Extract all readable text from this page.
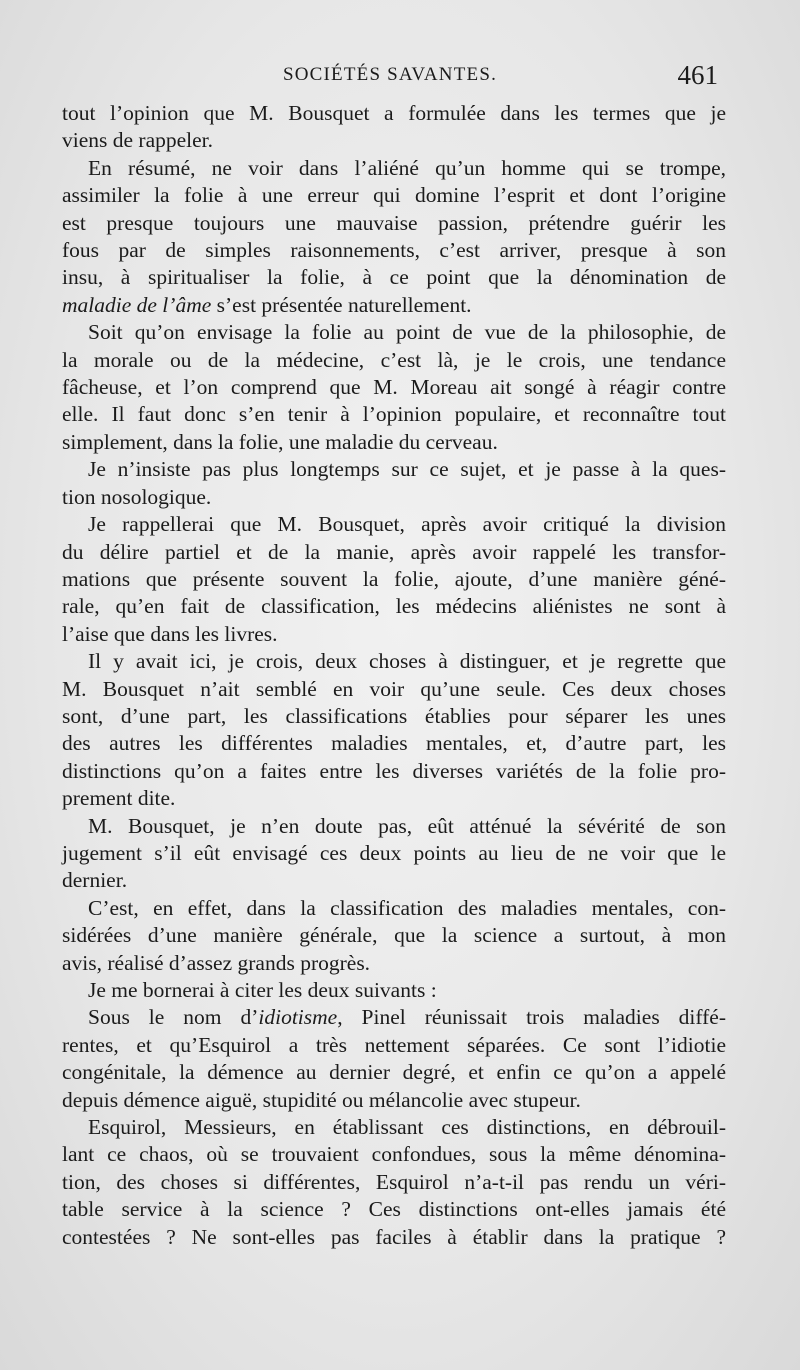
SOCIÉTÉS SAVANTES.	461
tout l’opinion que M. Bousquet a formulée dans les termes que je
viens de rappeler.
En résumé, ne voir dans l’aliéné qu’un homme qui se trompe,
assimiler la folie à une erreur qui domine l’esprit et dont l’origine
est presque toujours une mauvaise passion, prétendre guérir les
fous par de simples raisonnements, c’est arriver, presque à son
insu, à spiritualiser la folie, à ce point que la dénomination de
maladie de l’âme s’est présentée naturellement.
Soit qu’on envisage la folie au point de vue de la philosophie, de
la morale ou de la médecine, c’est là, je le crois, une tendance
fâcheuse, et l’on comprend que M. Moreau ait songé à réagir contre
elle. Il faut donc s’en tenir à l’opinion populaire, et reconnaître tout
simplement, dans la folie, une maladie du cerveau.
Je n’insiste pas plus longtemps sur ce sujet, et je passe à la ques-
tion nosologique.
Je rappellerai que M. Bousquet, après avoir critiqué la division
du délire partiel et de la manie, après avoir rappelé les transfor-
mations que présente souvent la folie, ajoute, d’une manière géné-
rale, qu’en fait de classification, les médecins aliénistes ne sont à
l’aise que dans les livres.
Il y avait ici, je crois, deux choses à distinguer, et je regrette que
M. Bousquet n’ait semblé en voir qu’une seule. Ces deux choses
sont, d’une part, les classifications établies pour séparer les unes
des autres les différentes maladies mentales, et, d’autre part, les
distinctions qu’on a faites entre les diverses variétés de la folie pro-
prement dite.
M. Bousquet, je n’en doute pas, eût atténué la sévérité de son
jugement s’il eût envisagé ces deux points au lieu de ne voir que le
dernier.
C’est, en effet, dans la classification des maladies mentales, con-
sidérées d’une manière générale, que la science a surtout, à mon
avis, réalisé d’assez grands progrès.
Je me bornerai à citer les deux suivants :
Sous le nom d’idiotisme, Pinel réunissait trois maladies diffé-
rentes, et qu’Esquirol a très nettement séparées. Ce sont l’idiotie
congénitale, la démence au dernier degré, et enfin ce qu’on a appelé
depuis démence aiguë, stupidité ou mélancolie avec stupeur.
Esquirol, Messieurs, en établissant ces distinctions, en débrouil-
lant ce chaos, où se trouvaient confondues, sous la même dénomina-
tion, des choses si différentes, Esquirol n’a-t-il pas rendu un véri-
table service à la science ? Ces distinctions ont-elles jamais été
contestées ? Ne sont-elles pas faciles à établir dans la pratique ?
